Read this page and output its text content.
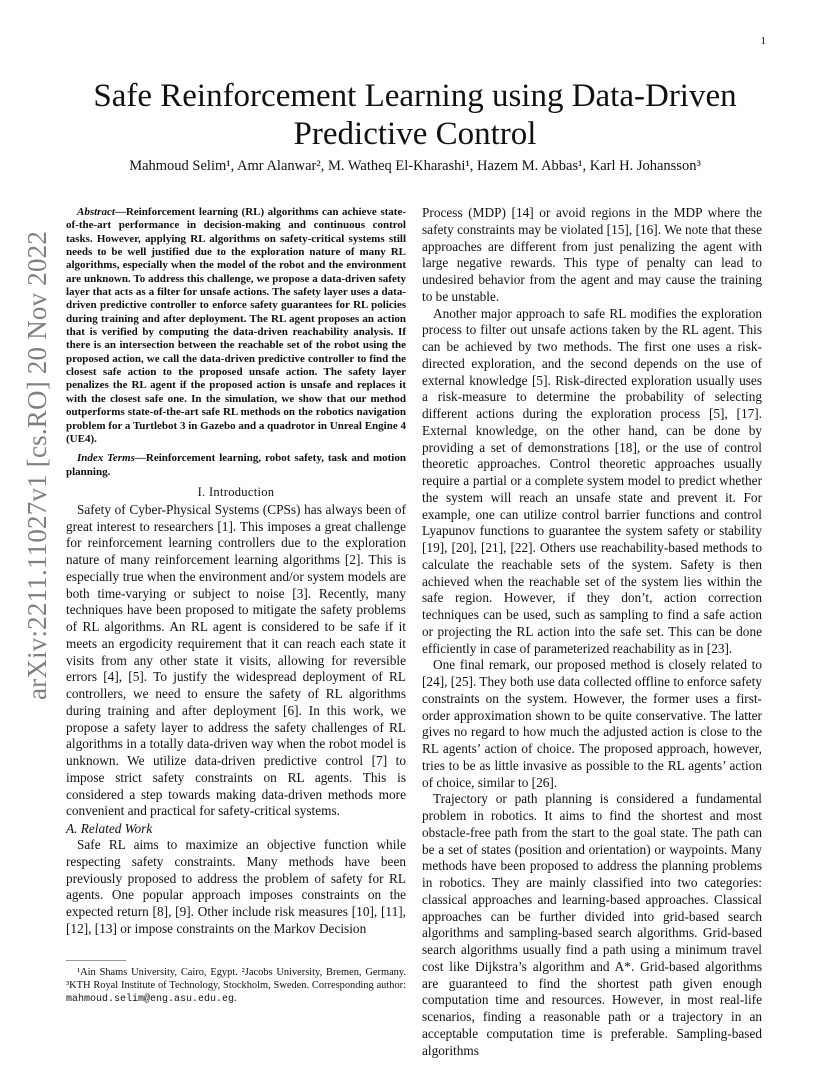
1
arXiv:2211.11027v1 [cs.RO] 20 Nov 2022
Safe Reinforcement Learning using Data-Driven Predictive Control
Mahmoud Selim¹, Amr Alanwar², M. Watheq El-Kharashi¹, Hazem M. Abbas¹, Karl H. Johansson³

Abstract—Reinforcement learning (RL) algorithms can achieve state-of-the-art performance in decision-making and continuous control tasks. However, applying RL algorithms on safety-critical systems still needs to be well justified due to the exploration nature of many RL algorithms, especially when the model of the robot and the environment are unknown. To address this challenge, we propose a data-driven safety layer that acts as a filter for unsafe actions. The safety layer uses a data-driven predictive controller to enforce safety guarantees for RL policies during training and after deployment. The RL agent proposes an action that is verified by computing the data-driven reachability analysis. If there is an intersection between the reachable set of the robot using the proposed action, we call the data-driven predictive controller to find the closest safe action to the proposed unsafe action. The safety layer penalizes the RL agent if the proposed action is unsafe and replaces it with the closest safe one. In the simulation, we show that our method outperforms state-of-the-art safe RL methods on the robotics navigation problem for a Turtlebot 3 in Gazebo and a quadrotor in Unreal Engine 4 (UE4).

Index Terms—Reinforcement learning, robot safety, task and motion planning.

I. Introduction

Safety of Cyber-Physical Systems (CPSs) has always been of great interest to researchers [1]. This imposes a great challenge for reinforcement learning controllers due to the exploration nature of many reinforcement learning algorithms [2]. This is especially true when the environment and/or system models are both time-varying or subject to noise [3]. Recently, many techniques have been proposed to mitigate the safety problems of RL algorithms. An RL agent is considered to be safe if it meets an ergodicity requirement that it can reach each state it visits from any other state it visits, allowing for reversible errors [4], [5]. To justify the widespread deployment of RL controllers, we need to ensure the safety of RL algorithms during training and after deployment [6]. In this work, we propose a safety layer to address the safety challenges of RL algorithms in a totally data-driven way when the robot model is unknown. We utilize data-driven predictive control [7] to impose strict safety constraints on RL agents. This is considered a step towards making data-driven methods more convenient and practical for safety-critical systems.

A. Related Work

Safe RL aims to maximize an objective function while respecting safety constraints. Many methods have been previously proposed to address the problem of safety for RL agents. One popular approach imposes constraints on the expected return [8], [9]. Other include risk measures [10], [11], [12], [13] or impose constraints on the Markov Decision

¹Ain Shams University, Cairo, Egypt. ²Jacobs University, Bremen, Germany. ³KTH Royal Institute of Technology, Stockholm, Sweden. Corresponding author: mahmoud.selim@eng.asu.edu.eg.

Process (MDP) [14] or avoid regions in the MDP where the safety constraints may be violated [15], [16]. We note that these approaches are different from just penalizing the agent with large negative rewards. This type of penalty can lead to undesired behavior from the agent and may cause the training to be unstable.

Another major approach to safe RL modifies the exploration process to filter out unsafe actions taken by the RL agent. This can be achieved by two methods. The first one uses a risk-directed exploration, and the second depends on the use of external knowledge [5]. Risk-directed exploration usually uses a risk-measure to determine the probability of selecting different actions during the exploration process [5], [17]. External knowledge, on the other hand, can be done by providing a set of demonstrations [18], or the use of control theoretic approaches. Control theoretic approaches usually require a partial or a complete system model to predict whether the system will reach an unsafe state and prevent it. For example, one can utilize control barrier functions and control Lyapunov functions to guarantee the system safety or stability [19], [20], [21], [22]. Others use reachability-based methods to calculate the reachable sets of the system. Safety is then achieved when the reachable set of the system lies within the safe region. However, if they don’t, action correction techniques can be used, such as sampling to find a safe action or projecting the RL action into the safe set. This can be done efficiently in case of parameterized reachability as in [23].

One final remark, our proposed method is closely related to [24], [25]. They both use data collected offline to enforce safety constraints on the system. However, the former uses a first-order approximation shown to be quite conservative. The latter gives no regard to how much the adjusted action is close to the RL agents’ action of choice. The proposed approach, however, tries to be as little invasive as possible to the RL agents’ action of choice, similar to [26].

Trajectory or path planning is considered a fundamental problem in robotics. It aims to find the shortest and most obstacle-free path from the start to the goal state. The path can be a set of states (position and orientation) or waypoints. Many methods have been proposed to address the planning problems in robotics. They are mainly classified into two categories: classical approaches and learning-based approaches. Classical approaches can be further divided into grid-based search algorithms and sampling-based search algorithms. Grid-based search algorithms usually find a path using a minimum travel cost like Dijkstra’s algorithm and A*. Grid-based algorithms are guaranteed to find the shortest path given enough computation time and resources. However, in most real-life scenarios, finding a reasonable path or a trajectory in an acceptable computation time is preferable. Sampling-based algorithms
